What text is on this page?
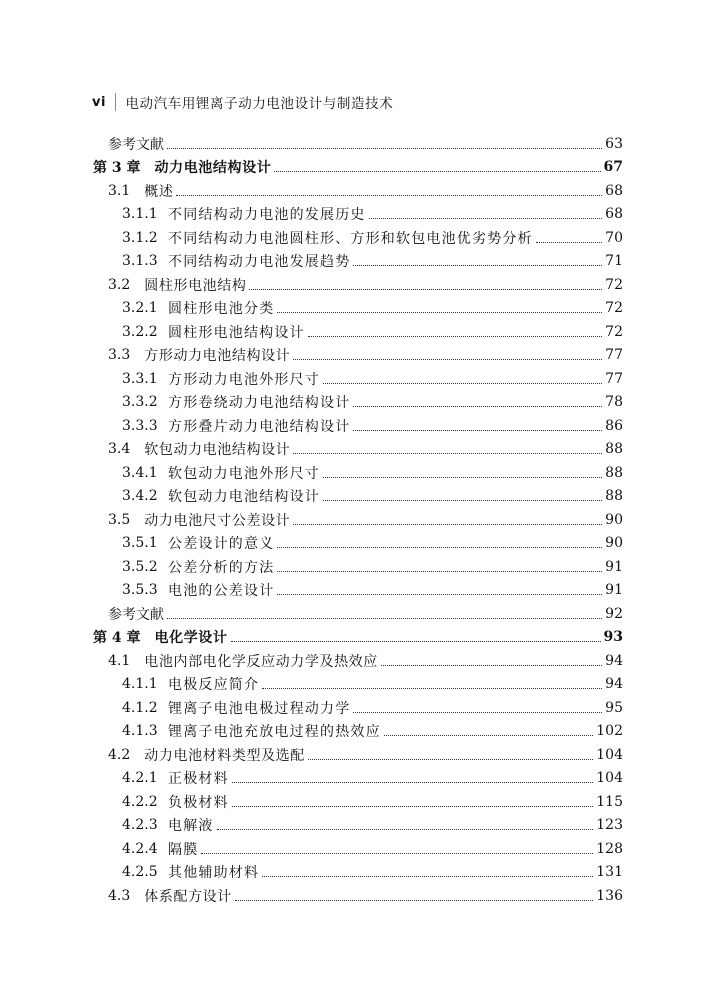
vi 电动汽车用锂离子动力电池设计与制造技术
参考文献	63
第 3 章 动力电池结构设计	67
3.1 概述	68
3.1.1 不同结构动力电池的发展历史	68
3.1.2 不同结构动力电池圆柱形、方形和软包电池优劣势分析	70
3.1.3 不同结构动力电池发展趋势	71
3.2 圆柱形电池结构	72
3.2.1 圆柱形电池分类	72
3.2.2 圆柱形电池结构设计	72
3.3 方形动力电池结构设计	77
3.3.1 方形动力电池外形尺寸	77
3.3.2 方形卷绕动力电池结构设计	78
3.3.3 方形叠片动力电池结构设计	86
3.4 软包动力电池结构设计	88
3.4.1 软包动力电池外形尺寸	88
3.4.2 软包动力电池结构设计	88
3.5 动力电池尺寸公差设计	90
3.5.1 公差设计的意义	90
3.5.2 公差分析的方法	91
3.5.3 电池的公差设计	91
参考文献	92
第 4 章 电化学设计	93
4.1 电池内部电化学反应动力学及热效应	94
4.1.1 电极反应简介	94
4.1.2 锂离子电池电极过程动力学	95
4.1.3 锂离子电池充放电过程的热效应	102
4.2 动力电池材料类型及选配	104
4.2.1 正极材料	104
4.2.2 负极材料	115
4.2.3 电解液	123
4.2.4 隔膜	128
4.2.5 其他辅助材料	131
4.3 体系配方设计	136
